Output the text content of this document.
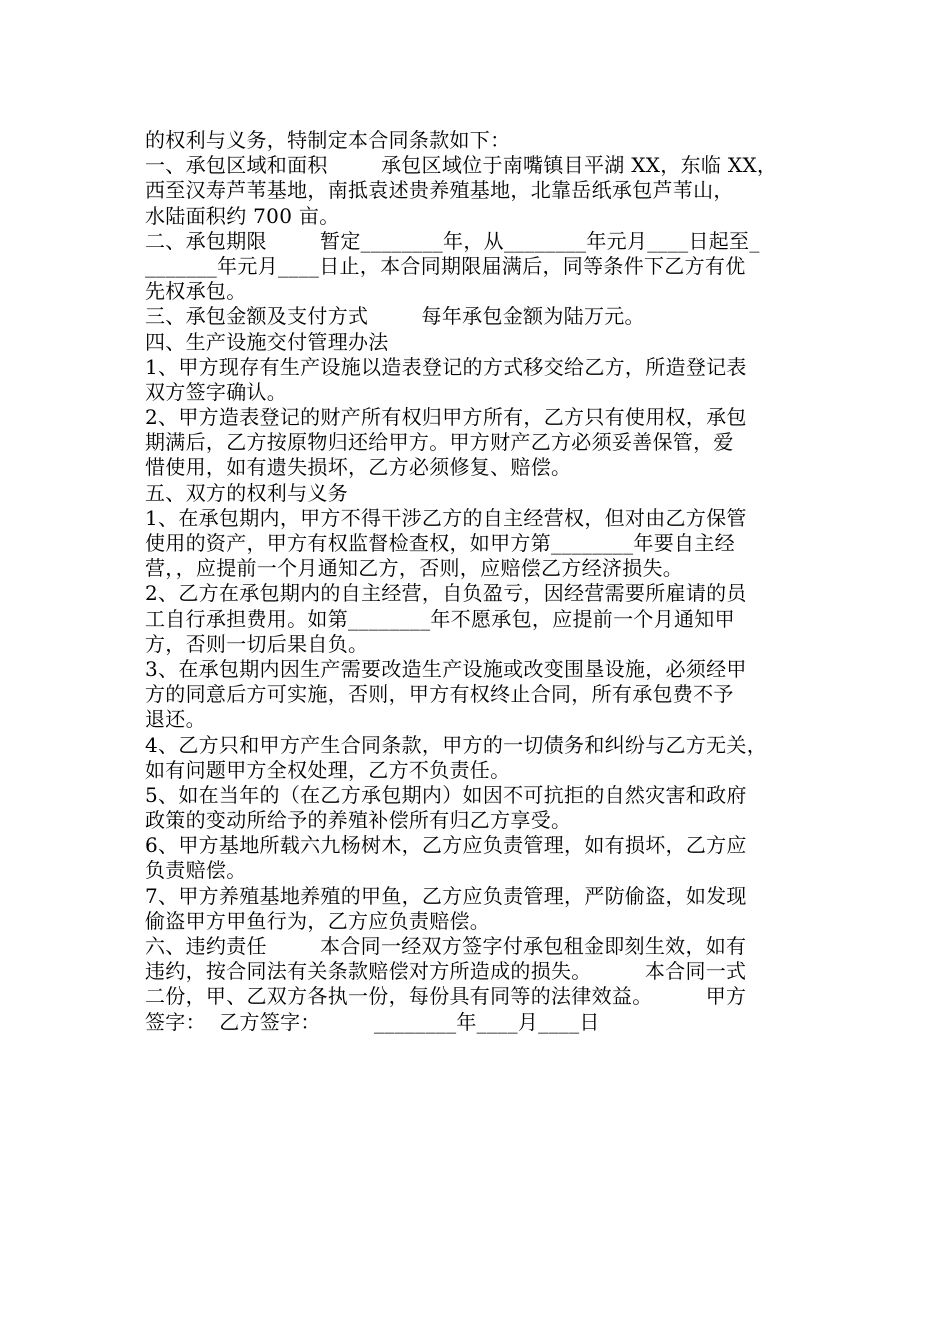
的权利与义务，特制定本合同条款如下：
一、承包区域和面积        承包区域位于南嘴镇目平湖 XX，东临 XX，
西至汉寿芦苇基地，南抵袁述贵养殖基地，北靠岳纸承包芦苇山，
水陆面积约 700 亩。
二、承包期限        暂定________年，从________年元月____日起至_
_______年元月____日止，本合同期限届满后，同等条件下乙方有优
先权承包。
三、承包金额及支付方式        每年承包金额为陆万元。
四、生产设施交付管理办法
1、甲方现存有生产设施以造表登记的方式移交给乙方，所造登记表
双方签字确认。
2、甲方造表登记的财产所有权归甲方所有，乙方只有使用权，承包
期满后，乙方按原物归还给甲方。甲方财产乙方必须妥善保管，爱
惜使用，如有遗失损坏，乙方必须修复、赔偿。
五、双方的权利与义务
1、在承包期内，甲方不得干涉乙方的自主经营权，但对由乙方保管
使用的资产，甲方有权监督检查权，如甲方第________年要自主经
营，，应提前一个月通知乙方，否则，应赔偿乙方经济损失。
2、乙方在承包期内的自主经营，自负盈亏，因经营需要所雇请的员
工自行承担费用。如第________年不愿承包，应提前一个月通知甲
方，否则一切后果自负。
3、在承包期内因生产需要改造生产设施或改变围垦设施，必须经甲
方的同意后方可实施，否则，甲方有权终止合同，所有承包费不予
退还。
4、乙方只和甲方产生合同条款，甲方的一切债务和纠纷与乙方无关，
如有问题甲方全权处理，乙方不负责任。
5、如在当年的（在乙方承包期内）如因不可抗拒的自然灾害和政府
政策的变动所给予的养殖补偿所有归乙方享受。
6、甲方基地所载六九杨树木，乙方应负责管理，如有损坏，乙方应
负责赔偿。
7、甲方养殖基地养殖的甲鱼，乙方应负责管理，严防偷盗，如发现
偷盗甲方甲鱼行为，乙方应负责赔偿。
六、违约责任        本合同一经双方签字付承包租金即刻生效，如有
违约，按合同法有关条款赔偿对方所造成的损失。        本合同一式
二份，甲、乙双方各执一份，每份具有同等的法律效益。        甲方
签字：  乙方签字：        ________年____月____日
